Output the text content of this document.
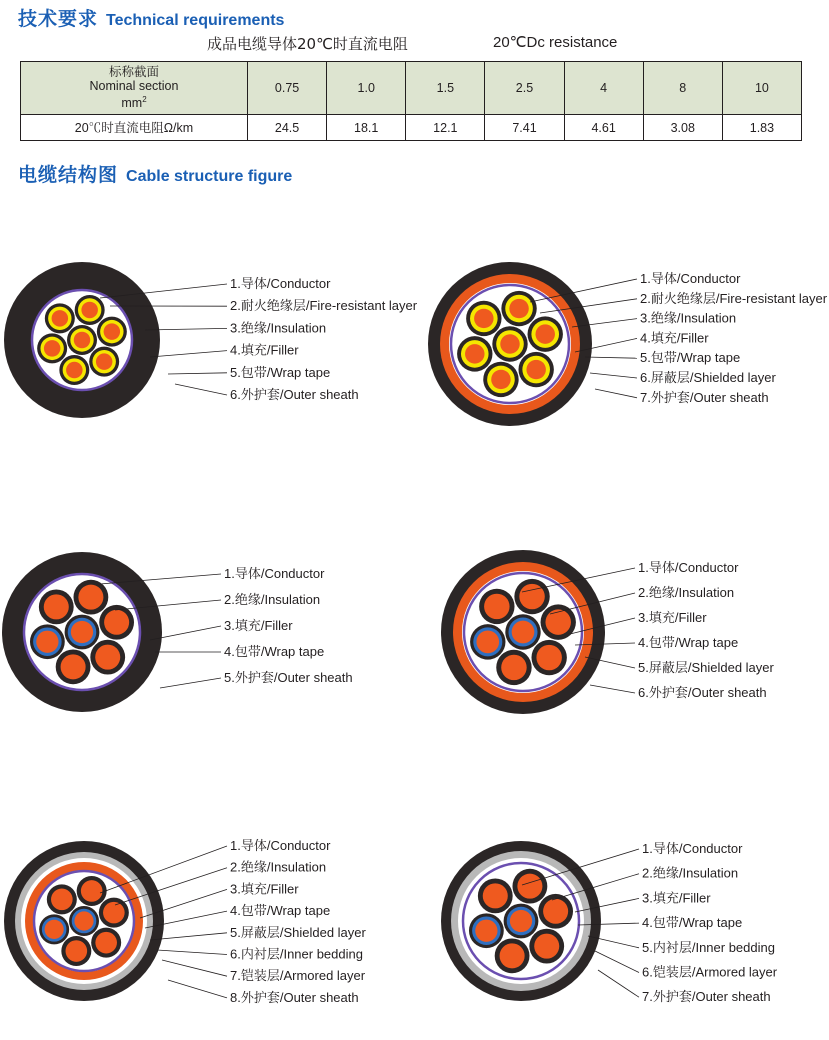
技术要求 Technical requirements
成品电缆导体20℃时直流电阻	20℃Dc resistance
标称截面
Nominal section
$mm^2$	0.75	1.0	1.5	2.5	4	8	10
20℃时直流电阻Ω/km	24.5	18.1	12.1	7.41	4.61	3.08	1.83
电缆结构图 Cable structure figure
1.导体/Conductor
2.耐火绝缘层/Fire-resistant layer
3.绝缘/Insulation
4.填充/Filler
5.包带/Wrap tape
6.外护套/Outer sheath
1.导体/Conductor
2.耐火绝缘层/Fire-resistant layer
3.绝缘/Insulation
4.填充/Filler
5.包带/Wrap tape
6.屏蔽层/Shielded layer
7.外护套/Outer sheath
1.导体/Conductor
2.绝缘/Insulation
3.填充/Filler
4.包带/Wrap tape
5.外护套/Outer sheath
1.导体/Conductor
2.绝缘/Insulation
3.填充/Filler
4.包带/Wrap tape
5.屏蔽层/Shielded layer
6.外护套/Outer sheath
1.导体/Conductor
2.绝缘/Insulation
3.填充/Filler
4.包带/Wrap tape
5.屏蔽层/Shielded layer
6.内衬层/Inner bedding
7.铠装层/Armored layer
8.外护套/Outer sheath
1.导体/Conductor
2.绝缘/Insulation
3.填充/Filler
4.包带/Wrap tape
5.内衬层/Inner bedding
6.铠装层/Armored layer
7.外护套/Outer sheath
